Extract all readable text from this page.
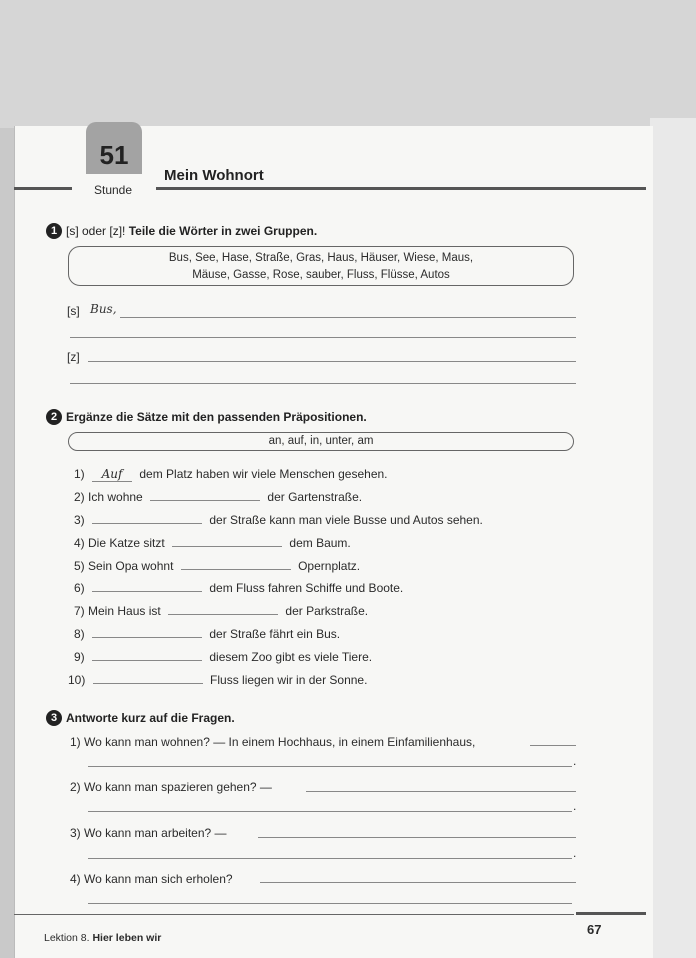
51
Stunde
Mein Wohnort
1 [s] oder [z]! Teile die Wörter in zwei Gruppen.
Bus, See, Hase, Straße, Gras, Haus, Häuser, Wiese, Maus,
Mäuse, Gasse, Rose, sauber, Fluss, Flüsse, Autos
[s] Bus,
[z]
2 Ergänze die Sätze mit den passenden Präpositionen.
an, auf, in, unter, am
1) Auf dem Platz haben wir viele Menschen gesehen.
2) Ich wohne	der Gartenstraße.
3)	der Straße kann man viele Busse und Autos sehen.
4) Die Katze sitzt	dem Baum.
5) Sein Opa wohnt	Opernplatz.
6)	dem Fluss fahren Schiffe und Boote.
7) Mein Haus ist	der Parkstraße.
8)	der Straße fährt ein Bus.
9)	diesem Zoo gibt es viele Tiere.
10)	Fluss liegen wir in der Sonne.
3 Antworte kurz auf die Fragen.
1) Wo kann man wohnen? — In einem Hochhaus, in einem Einfamilienhaus,
.
2) Wo kann man spazieren gehen? —
.
3) Wo kann man arbeiten? —
.
4) Wo kann man sich erholen?
Lektion 8. Hier leben wir
67
